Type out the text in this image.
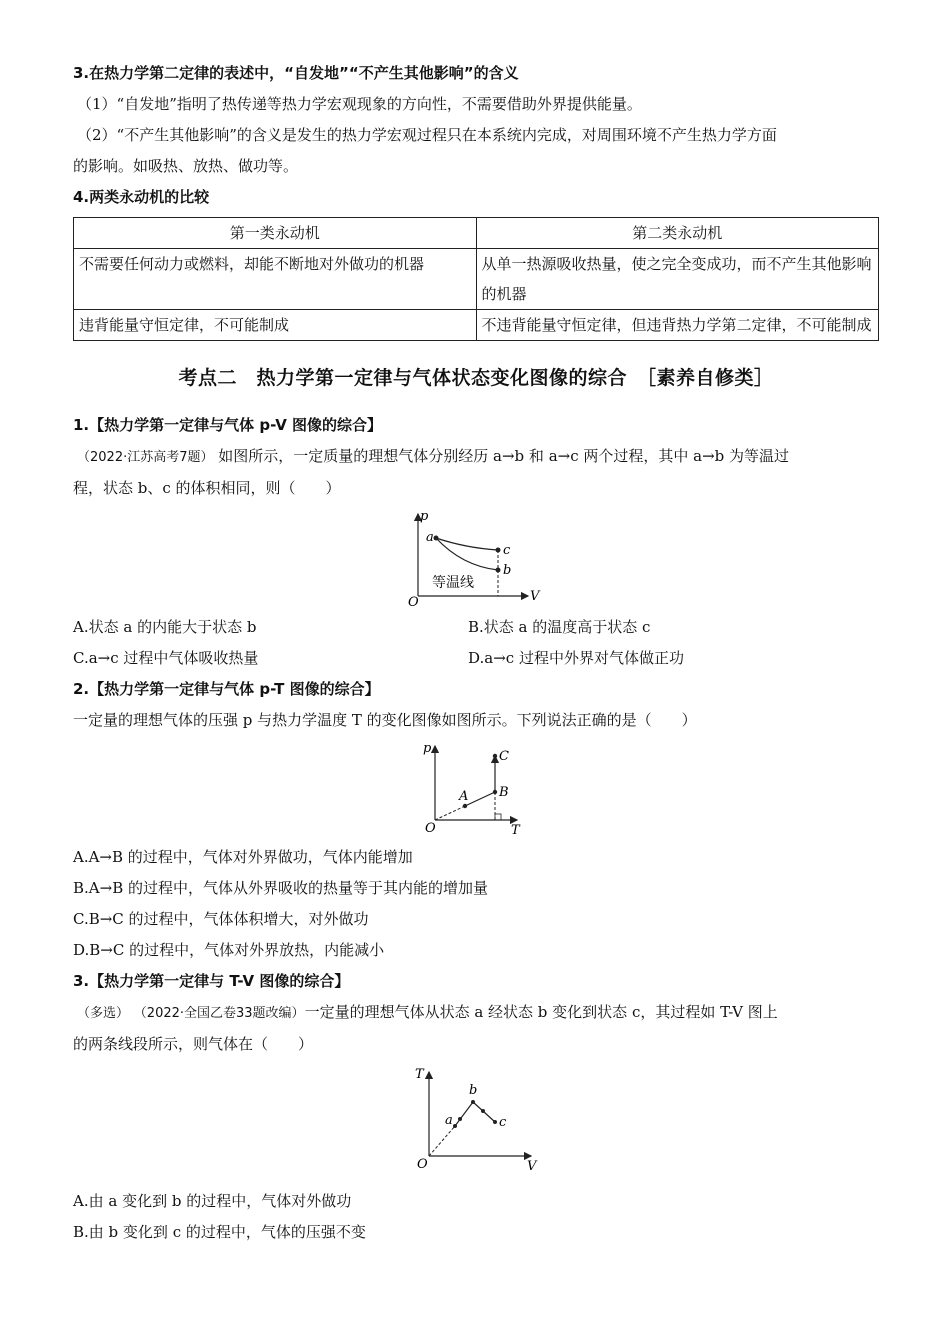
3.在热力学第二定律的表述中，“自发地”“不产生其他影响”的含义
（1）“自发地”指明了热传递等热力学宏观现象的方向性，不需要借助外界提供能量。
（2）“不产生其他影响”的含义是发生的热力学宏观过程只在本系统内完成，对周围环境不产生热力学方面
的影响。如吸热、放热、做功等。
4.两类永动机的比较
第一类永动机	第二类永动机
不需要任何动力或燃料，却能不断地对外做功的机器	从单一热源吸收热量，使之完全变成功，而不产生其他影响的机器
违背能量守恒定律，不可能制成	不违背能量守恒定律，但违背热力学第二定律，不可能制成
考点二　热力学第一定律与气体状态变化图像的综合　［素养自修类］
1.【热力学第一定律与气体 p-V 图像的综合】
（2022·江苏高考7题） 如图所示，一定质量的理想气体分别经历 a→b 和 a→c 两个过程，其中 a→b 为等温过
程，状态 b、c 的体积相同，则（　　）
p
V
O
a
c
b
等温线
A.状态 a 的内能大于状态 b	B.状态 a 的温度高于状态 c
C.a→c 过程中气体吸收热量	D.a→c 过程中外界对气体做正功
2.【热力学第一定律与气体 p-T 图像的综合】
一定量的理想气体的压强 p 与热力学温度 T 的变化图像如图所示。下列说法正确的是（　　）
p
T
O
A B
C
A.A→B 的过程中，气体对外界做功，气体内能增加
B.A→B 的过程中，气体从外界吸收的热量等于其内能的增加量
C.B→C 的过程中，气体体积增大，对外做功
D.B→C 的过程中，气体对外界放热，内能减小
3.【热力学第一定律与 T-V 图像的综合】
（多选） （2022·全国乙卷33题改编）一定量的理想气体从状态 a 经状态 b 变化到状态 c，其过程如 T-V 图上
的两条线段所示，则气体在（　　）
T
V
O
a
b
c
A.由 a 变化到 b 的过程中，气体对外做功
B.由 b 变化到 c 的过程中，气体的压强不变
